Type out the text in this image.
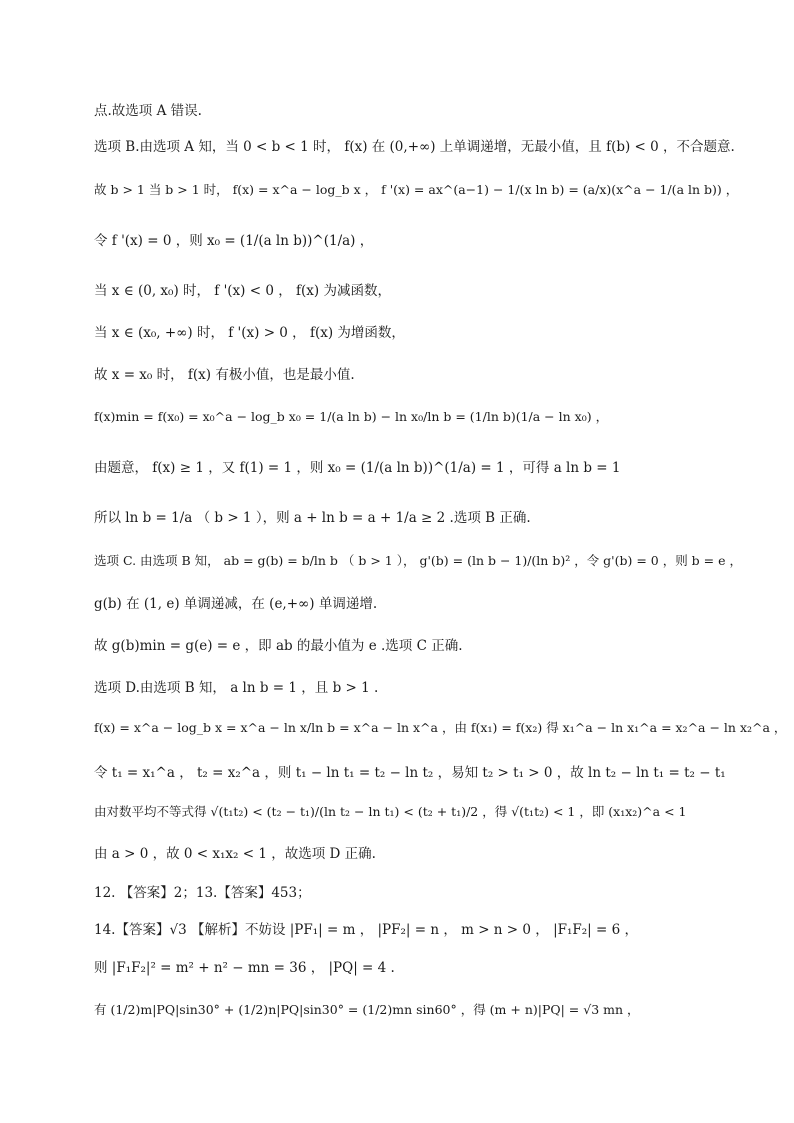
点.故选项 A 错误.
选项 B.由选项 A 知，当 0 < b < 1 时， f(x) 在 (0,+∞) 上单调递增，无最小值，且 f(b) < 0 ，不合题意.
故 b > 1 当 b > 1 时， f(x) = x^a − log_b x ， f '(x) = ax^(a−1) − 1/(x ln b) = (a/x)(x^a − 1/(a ln b)) ，
令 f '(x) = 0 ，则 x₀ = (1/(a ln b))^(1/a) ，
当 x ∈ (0, x₀) 时， f '(x) < 0 ， f(x) 为减函数，
当 x ∈ (x₀, +∞) 时， f '(x) > 0 ， f(x) 为增函数，
故 x = x₀ 时， f(x) 有极小值，也是最小值.
f(x)min = f(x₀) = x₀^a − log_b x₀ = 1/(a ln b) − ln x₀/ln b = (1/ln b)(1/a − ln x₀) ，
由题意， f(x) ≥ 1 ，又 f(1) = 1 ，则 x₀ = (1/(a ln b))^(1/a) = 1 ，可得 a ln b = 1
所以 ln b = 1/a （ b > 1 ），则 a + ln b = a + 1/a ≥ 2 .选项 B 正确.
选项 C. 由选项 B 知， ab = g(b) = b/ln b （ b > 1 ）， g'(b) = (ln b − 1)/(ln b)² ，令 g'(b) = 0 ，则 b = e ，
g(b) 在 (1, e) 单调递减，在 (e,+∞) 单调递增.
故 g(b)min = g(e) = e ，即 ab 的最小值为 e .选项 C 正确.
选项 D.由选项 B 知， a ln b = 1 ，且 b > 1 .
f(x) = x^a − log_b x = x^a − ln x/ln b = x^a − ln x^a ，由 f(x₁) = f(x₂) 得 x₁^a − ln x₁^a = x₂^a − ln x₂^a ，
令 t₁ = x₁^a ， t₂ = x₂^a ，则 t₁ − ln t₁ = t₂ − ln t₂ ，易知 t₂ > t₁ > 0 ，故 ln t₂ − ln t₁ = t₂ − t₁
由对数平均不等式得 √(t₁t₂) < (t₂ − t₁)/(ln t₂ − ln t₁) < (t₂ + t₁)/2 ，得 √(t₁t₂) < 1 ，即 (x₁x₂)^a < 1
由 a > 0 ，故 0 < x₁x₂ < 1 ，故选项 D 正确.
12. 【答案】2；13.【答案】453；
14.【答案】√3 【解析】不妨设 |PF₁| = m ， |PF₂| = n ， m > n > 0 ， |F₁F₂| = 6 ，
则 |F₁F₂|² = m² + n² − mn = 36 ， |PQ| = 4 .
有 (1/2)m|PQ|sin30° + (1/2)n|PQ|sin30° = (1/2)mn sin60° ，得 (m + n)|PQ| = √3 mn ，
